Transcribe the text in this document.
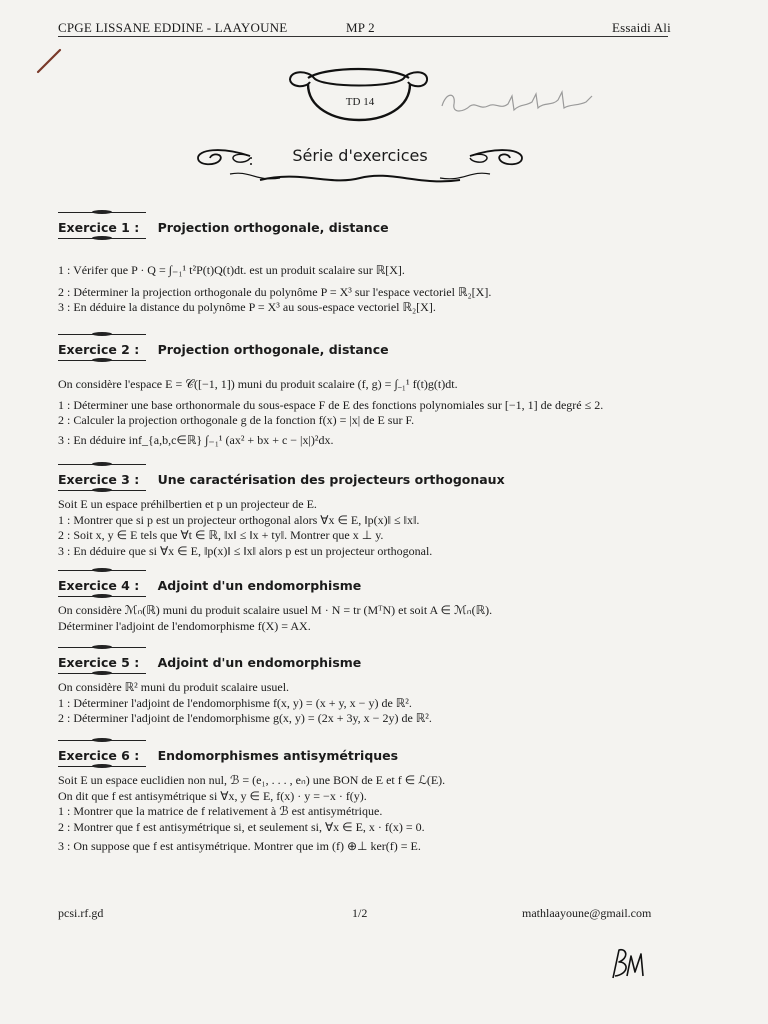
CPGE LISSANE EDDINE - LAAYOUNE	MP 2	Essaidi Ali
TD 14
Série d'exercices
Exercice 1 : Projection orthogonale, distance

1 : Vérifer que P · Q = ∫₋₁¹ t²P(t)Q(t)dt. est un produit scalaire sur ℝ[X].

2 : Déterminer la projection orthogonale du polynôme P = X³ sur l'espace vectoriel ℝ₂[X].

3 : En déduire la distance du polynôme P = X³ au sous-espace vectoriel ℝ₂[X].

Exercice 2 : Projection orthogonale, distance

On considère l'espace E = 𝒞([−1, 1]) muni du produit scalaire (f, g) = ∫₋₁¹ f(t)g(t)dt.

1 : Déterminer une base orthonormale du sous-espace F de E des fonctions polynomiales sur [−1, 1] de degré ≤ 2.

2 : Calculer la projection orthogonale g de la fonction f(x) = |x| de E sur F.

3 : En déduire inf_{a,b,c∈ℝ} ∫₋₁¹ (ax² + bx + c − |x|)²dx.

Exercice 3 : Une caractérisation des projecteurs orthogonaux

Soit E un espace préhilbertien et p un projecteur de E.

1 : Montrer que si p est un projecteur orthogonal alors ∀x ∈ E, ‖p(x)‖ ≤ ‖x‖.

2 : Soit x, y ∈ E tels que ∀t ∈ ℝ, ‖x‖ ≤ ‖x + ty‖. Montrer que x ⊥ y.

3 : En déduire que si ∀x ∈ E, ‖p(x)‖ ≤ ‖x‖ alors p est un projecteur orthogonal.

Exercice 4 : Adjoint d'un endomorphisme

On considère ℳₙ(ℝ) muni du produit scalaire usuel M · N = tr (MᵀN) et soit A ∈ ℳₙ(ℝ).

Déterminer l'adjoint de l'endomorphisme f(X) = AX.

Exercice 5 : Adjoint d'un endomorphisme

On considère ℝ² muni du produit scalaire usuel.

1 : Déterminer l'adjoint de l'endomorphisme f(x, y) = (x + y, x − y) de ℝ².

2 : Déterminer l'adjoint de l'endomorphisme g(x, y) = (2x + 3y, x − 2y) de ℝ².

Exercice 6 : Endomorphismes antisymétriques

Soit E un espace euclidien non nul, ℬ = (e₁, . . . , eₙ) une BON de E et f ∈ ℒ(E).

On dit que f est antisymétrique si ∀x, y ∈ E, f(x) · y = −x · f(y).

1 : Montrer que la matrice de f relativement à ℬ est antisymétrique.

2 : Montrer que f est antisymétrique si, et seulement si, ∀x ∈ E, x · f(x) = 0.

3 : On suppose que f est antisymétrique. Montrer que im (f) ⊕⊥ ker(f) = E.

pcsi.rf.gd	1/2	mathlaayoune@gmail.com
